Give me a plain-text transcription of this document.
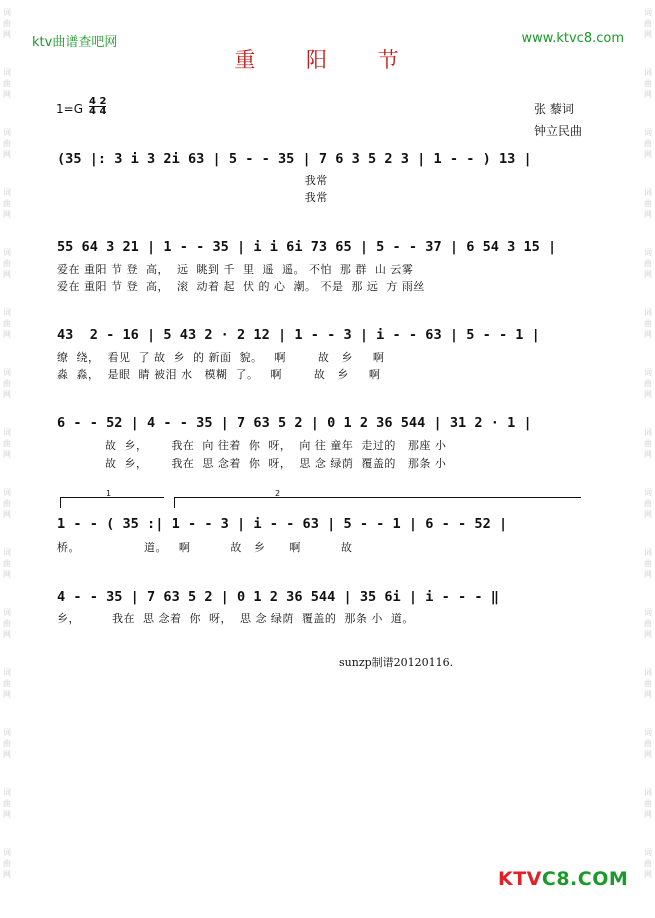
词
曲
网
词
曲
网
词
曲
网
词
曲
网
词
曲
网
词
曲
网
词
曲
网
词
曲
网
词
曲
网
词
曲
网
词
曲
网
词
曲
网
词
曲
网
词
曲
网
词
曲
网
词
曲
网
词
曲
网
词
曲
网
词
曲
网
词
曲
网
词
曲
网
词
曲
网
词
曲
网
词
曲
网
词
曲
网
词
曲
网
词
曲
网
词
曲
网
词
曲
网
词
曲
网
ktv曲谱查吧网	www.ktvc8.com
重 阳 节
1=G
4 2
4 4	张 藜词
钟立民曲
(35 |: 3 i 3 2i 63 | 5 - - 35 | 7 6 3 5 2 3 | 1 - - ) 13 |
我常
我常
55 64 3 21 | 1 - - 35 | i i 6i 73 65 | 5 - - 37 | 6 54 3 15 |
爱在 重阳 节 登  高，  远  眺到 千  里  遥  遥。 不怕  那 群  山 云雾
爱在 重阳 节 登  高，  滚  动着 起  伏 的 心  潮。 不是  那 远  方 雨丝
43  2 - 16 | 5 43 2 · 2 12 | 1 - - 3 | i - - 63 | 5 - - 1 |
缭  绕，  看见  了 故  乡  的 新面  貌。   啊        故   乡     啊
淼  淼，  是眼  睛 被泪 水   模糊  了。   啊        故   乡     啊
6 - - 52 | 4 - - 35 | 7 63 5 2 | 0 1 2 36 544 | 31 2 · 1 |
故  乡，      我在  向 往着  你  呀，  向 往 童年  走过的   那座 小
故  乡，      我在  思 念着  你  呀，  思 念 绿荫  覆盖的   那条 小
1	2
1 - - ( 35 :| 1 - - 3 | i - - 63 | 5 - - 1 | 6 - - 52 |
桥。                道。   啊          故   乡      啊          故
4 - - 35 | 7 63 5 2 | 0 1 2 36 544 | 35 6i | i - - - ‖
乡，        我在  思 念着  你  呀，  思 念 绿荫  覆盖的  那条 小  道。
sunzp制谱20120116.
KTVC8.COM
